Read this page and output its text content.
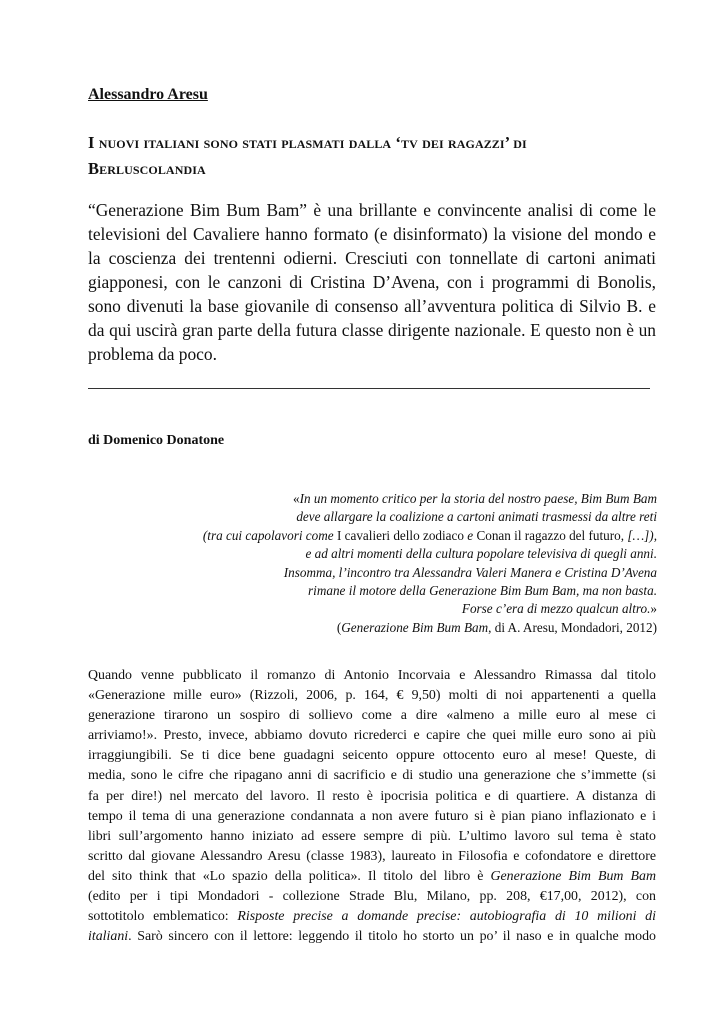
Alessandro Aresu

I nuovi italiani sono stati plasmati dalla ‘tv dei ragazzi’ di
Berluscolandia

“Generazione Bim Bum Bam” è una brillante e convincente analisi di come le televisioni del Cavaliere hanno formato (e disinformato) la visione del mondo e la coscienza dei trentenni odierni. Cresciuti con tonnellate di cartoni animati giapponesi, con le canzoni di Cristina D’Avena, con i programmi di Bonolis, sono divenuti la base giovanile di consenso all’avventura politica di Silvio B. e da qui uscirà gran parte della futura classe dirigente nazionale. E questo non è un problema da poco.

di Domenico Donatone

«In un momento critico per la storia del nostro paese, Bim Bum Bam
deve allargare la coalizione a cartoni animati trasmessi da altre reti
(tra cui capolavori come I cavalieri dello zodiaco e Conan il ragazzo del futuro, […]),
e ad altri momenti della cultura popolare televisiva di quegli anni.
Insomma, l’incontro tra Alessandra Valeri Manera e Cristina D’Avena
rimane il motore della Generazione Bim Bum Bam, ma non basta.
Forse c’era di mezzo qualcun altro.»
(Generazione Bim Bum Bam, di A. Aresu, Mondadori, 2012)
Quando venne pubblicato il romanzo di Antonio Incorvaia e Alessandro Rimassa dal titolo
«Generazione mille euro» (Rizzoli, 2006, p. 164, € 9,50) molti di noi appartenenti a quella
generazione tirarono un sospiro di sollievo come a dire «almeno a mille euro al mese ci
arriviamo!». Presto, invece, abbiamo dovuto ricrederci e capire che quei mille euro sono ai più
irraggiungibili. Se ti dice bene guadagni seicento oppure ottocento euro al mese! Queste, di
media, sono le cifre che ripagano anni di sacrificio e di studio una generazione che s’immette (si
fa per dire!) nel mercato del lavoro. Il resto è ipocrisia politica e di quartiere. A distanza di
tempo il tema di una generazione condannata a non avere futuro si è pian piano inflazionato e i
libri sull’argomento hanno iniziato ad essere sempre di più. L’ultimo lavoro sul tema è stato
scritto dal giovane Alessandro Aresu (classe 1983), laureato in Filosofia e cofondatore e direttore
del sito think that «Lo spazio della politica». Il titolo del libro è Generazione Bim Bum Bam
(edito per i tipi Mondadori - collezione Strade Blu, Milano, pp. 208, €17,00, 2012), con
sottotitolo emblematico: Risposte precise a domande precise: autobiografia di 10 milioni di
italiani. Sarò sincero con il lettore: leggendo il titolo ho storto un po’ il naso e in qualche modo
